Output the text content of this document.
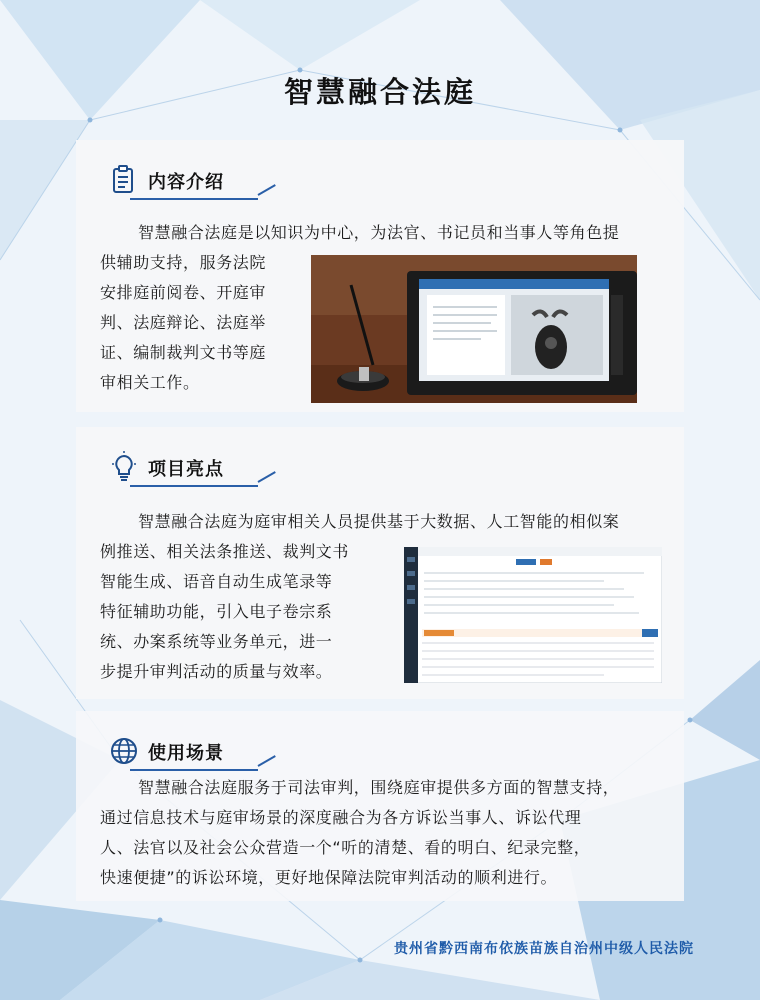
智慧融合法庭
内容介绍
智慧融合法庭是以知识为中心，为法官、书记员和当事人等角色提
供辅助支持，服务法院
安排庭前阅卷、开庭审
判、法庭辩论、法庭举
证、编制裁判文书等庭
审相关工作。
项目亮点
智慧融合法庭为庭审相关人员提供基于大数据、人工智能的相似案
例推送、相关法条推送、裁判文书
智能生成、语音自动生成笔录等
特征辅助功能，引入电子卷宗系
统、办案系统等业务单元，进一
步提升审判活动的质量与效率。
使用场景
智慧融合法庭服务于司法审判，围绕庭审提供多方面的智慧支持，
通过信息技术与庭审场景的深度融合为各方诉讼当事人、诉讼代理
人、法官以及社会公众营造一个“听的清楚、看的明白、纪录完整，
快速便捷”的诉讼环境，更好地保障法院审判活动的顺利进行。
贵州省黔西南布依族苗族自治州中级人民法院
